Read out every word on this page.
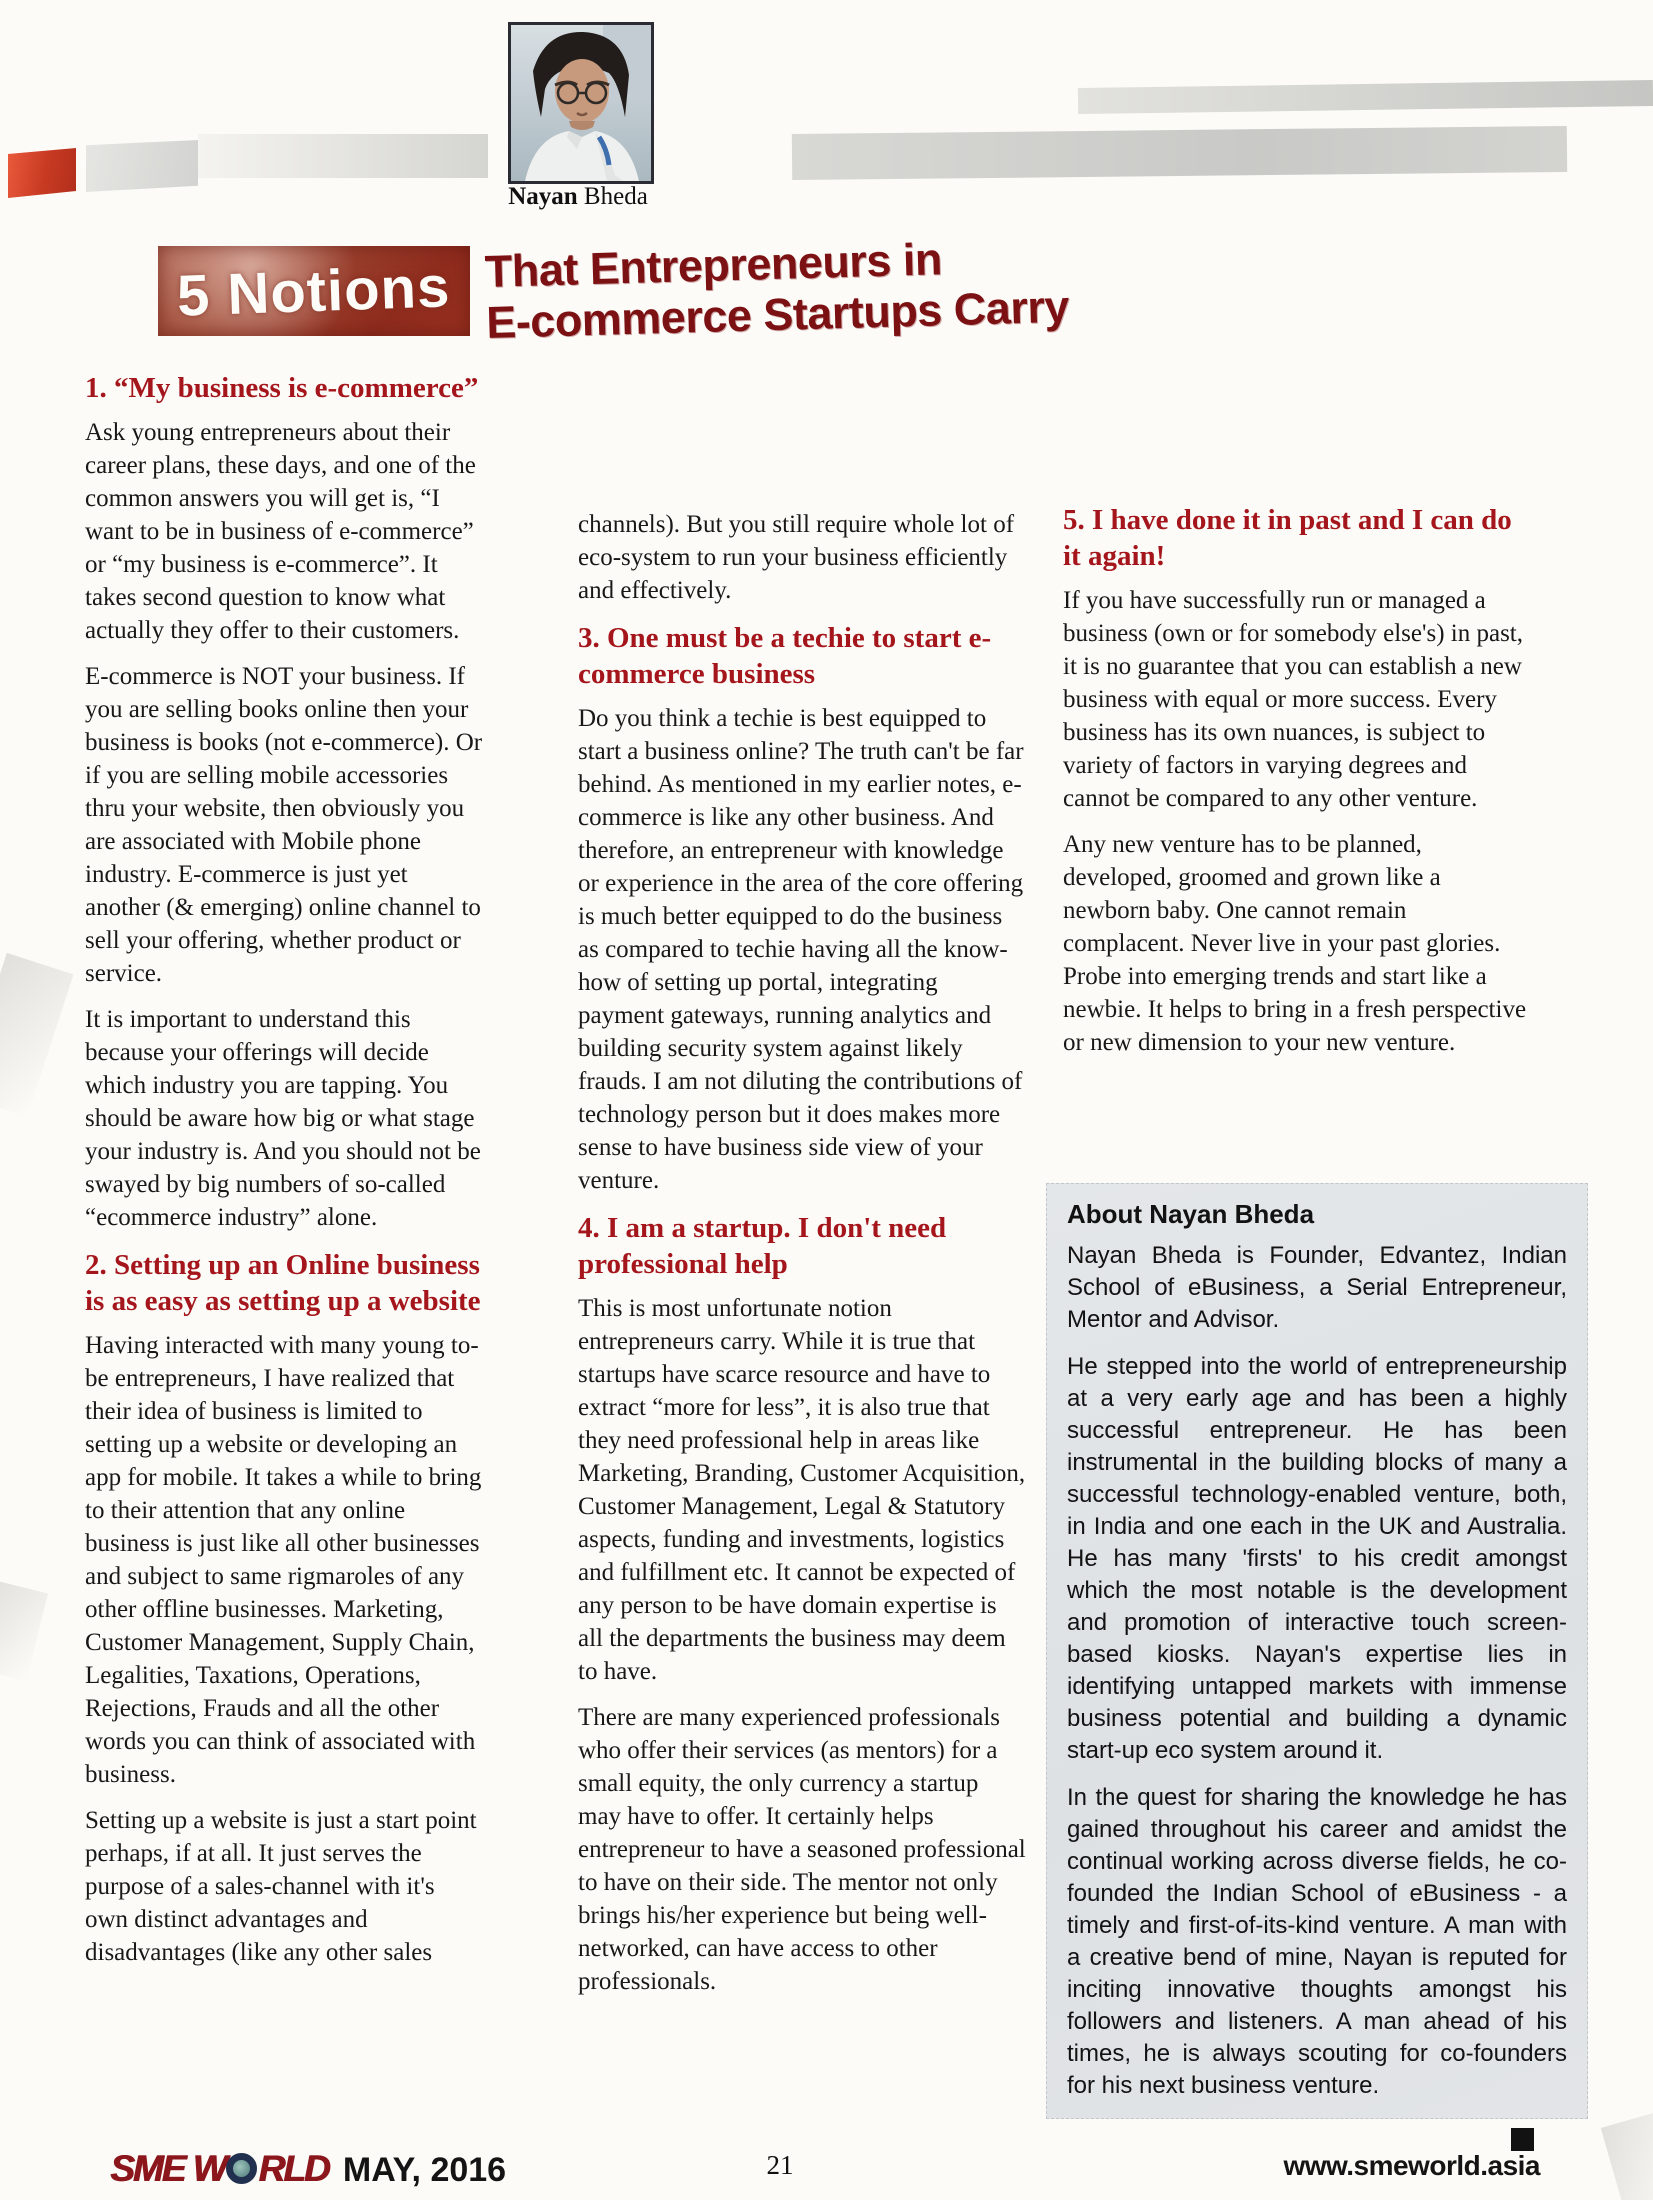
Nayan Bheda
5 Notions That Entrepreneurs in
E-commerce Startups Carry
1. “My business is e-commerce”

Ask young entrepreneurs about their career plans, these days, and one of the common answers you will get is, “I want to be in business of e-commerce” or “my business is e-commerce”. It takes second question to know what actually they offer to their customers.

E-commerce is NOT your business. If you are selling books online then your business is books (not e-commerce). Or if you are selling mobile accessories thru your website, then obviously you are associated with Mobile phone industry. E-commerce is just yet another (& emerging) online channel to sell your offering, whether product or service.

It is important to understand this because your offerings will decide which industry you are tapping. You should be aware how big or what stage your industry is. And you should not be swayed by big numbers of so-called “ecommerce industry” alone.

2. Setting up an Online business is as easy as setting up a website

Having interacted with many young to-be entrepreneurs, I have realized that their idea of business is limited to setting up a website or developing an app for mobile. It takes a while to bring to their attention that any online business is just like all other businesses and subject to same rigmaroles of any other offline businesses. Marketing, Customer Management, Supply Chain, Legalities, Taxations, Operations, Rejections, Frauds and all the other words you can think of associated with business.

Setting up a website is just a start point perhaps, if at all. It just serves the purpose of a sales-channel with it's own distinct advantages and disadvantages (like any other sales

channels). But you still require whole lot of eco-system to run your business efficiently and effectively.

3. One must be a techie to start e-commerce business

Do you think a techie is best equipped to start a business online? The truth can't be far behind. As mentioned in my earlier notes, e-commerce is like any other business. And therefore, an entrepreneur with knowledge or experience in the area of the core offering is much better equipped to do the business as compared to techie having all the know-how of setting up portal, integrating payment gateways, running analytics and building security system against likely frauds. I am not diluting the contributions of technology person but it does makes more sense to have business side view of your venture.

4. I am a startup. I don't need professional help

This is most unfortunate notion entrepreneurs carry. While it is true that startups have scarce resource and have to extract “more for less”, it is also true that they need professional help in areas like Marketing, Branding, Customer Acquisition, Customer Management, Legal & Statutory aspects, funding and investments, logistics and fulfillment etc. It cannot be expected of any person to be have domain expertise is all the departments the business may deem to have.

There are many experienced professionals who offer their services (as mentors) for a small equity, the only currency a startup may have to offer. It certainly helps entrepreneur to have a seasoned professional to have on their side. The mentor not only brings his/her experience but being well-networked, can have access to other professionals.

5. I have done it in past and I can do it again!

If you have successfully run or managed a business (own or for somebody else's) in past, it is no guarantee that you can establish a new business with equal or more success. Every business has its own nuances, is subject to variety of factors in varying degrees and cannot be compared to any other venture.

Any new venture has to be planned, developed, groomed and grown like a newborn baby. One cannot remain complacent. Never live in your past glories. Probe into emerging trends and start like a newbie. It helps to bring in a fresh perspective or new dimension to your new venture.

About Nayan Bheda

Nayan Bheda is Founder, Edvantez, Indian School of eBusiness, a Serial Entrepreneur, Mentor and Advisor.

He stepped into the world of entrepreneurship at a very early age and has been a highly successful entrepreneur. He has been instrumental in the building blocks of many a successful technology-enabled venture, both, in India and one each in the UK and Australia. He has many 'firsts' to his credit amongst which the most notable is the development and promotion of interactive touch screen-based kiosks. Nayan's expertise lies in identifying untapped markets with immense business potential and building a dynamic start-up eco system around it.

In the quest for sharing the knowledge he has gained throughout his career and amidst the continual working across diverse fields, he co-founded the Indian School of eBusiness - a timely and first-of-its-kind venture. A man with a creative bend of mine, Nayan is reputed for inciting innovative thoughts amongst his followers and listeners. A man ahead of his times, he is always scouting for co-founders for his next business venture.

SME W RLD MAY, 2016	21	www.smeworld.asia
